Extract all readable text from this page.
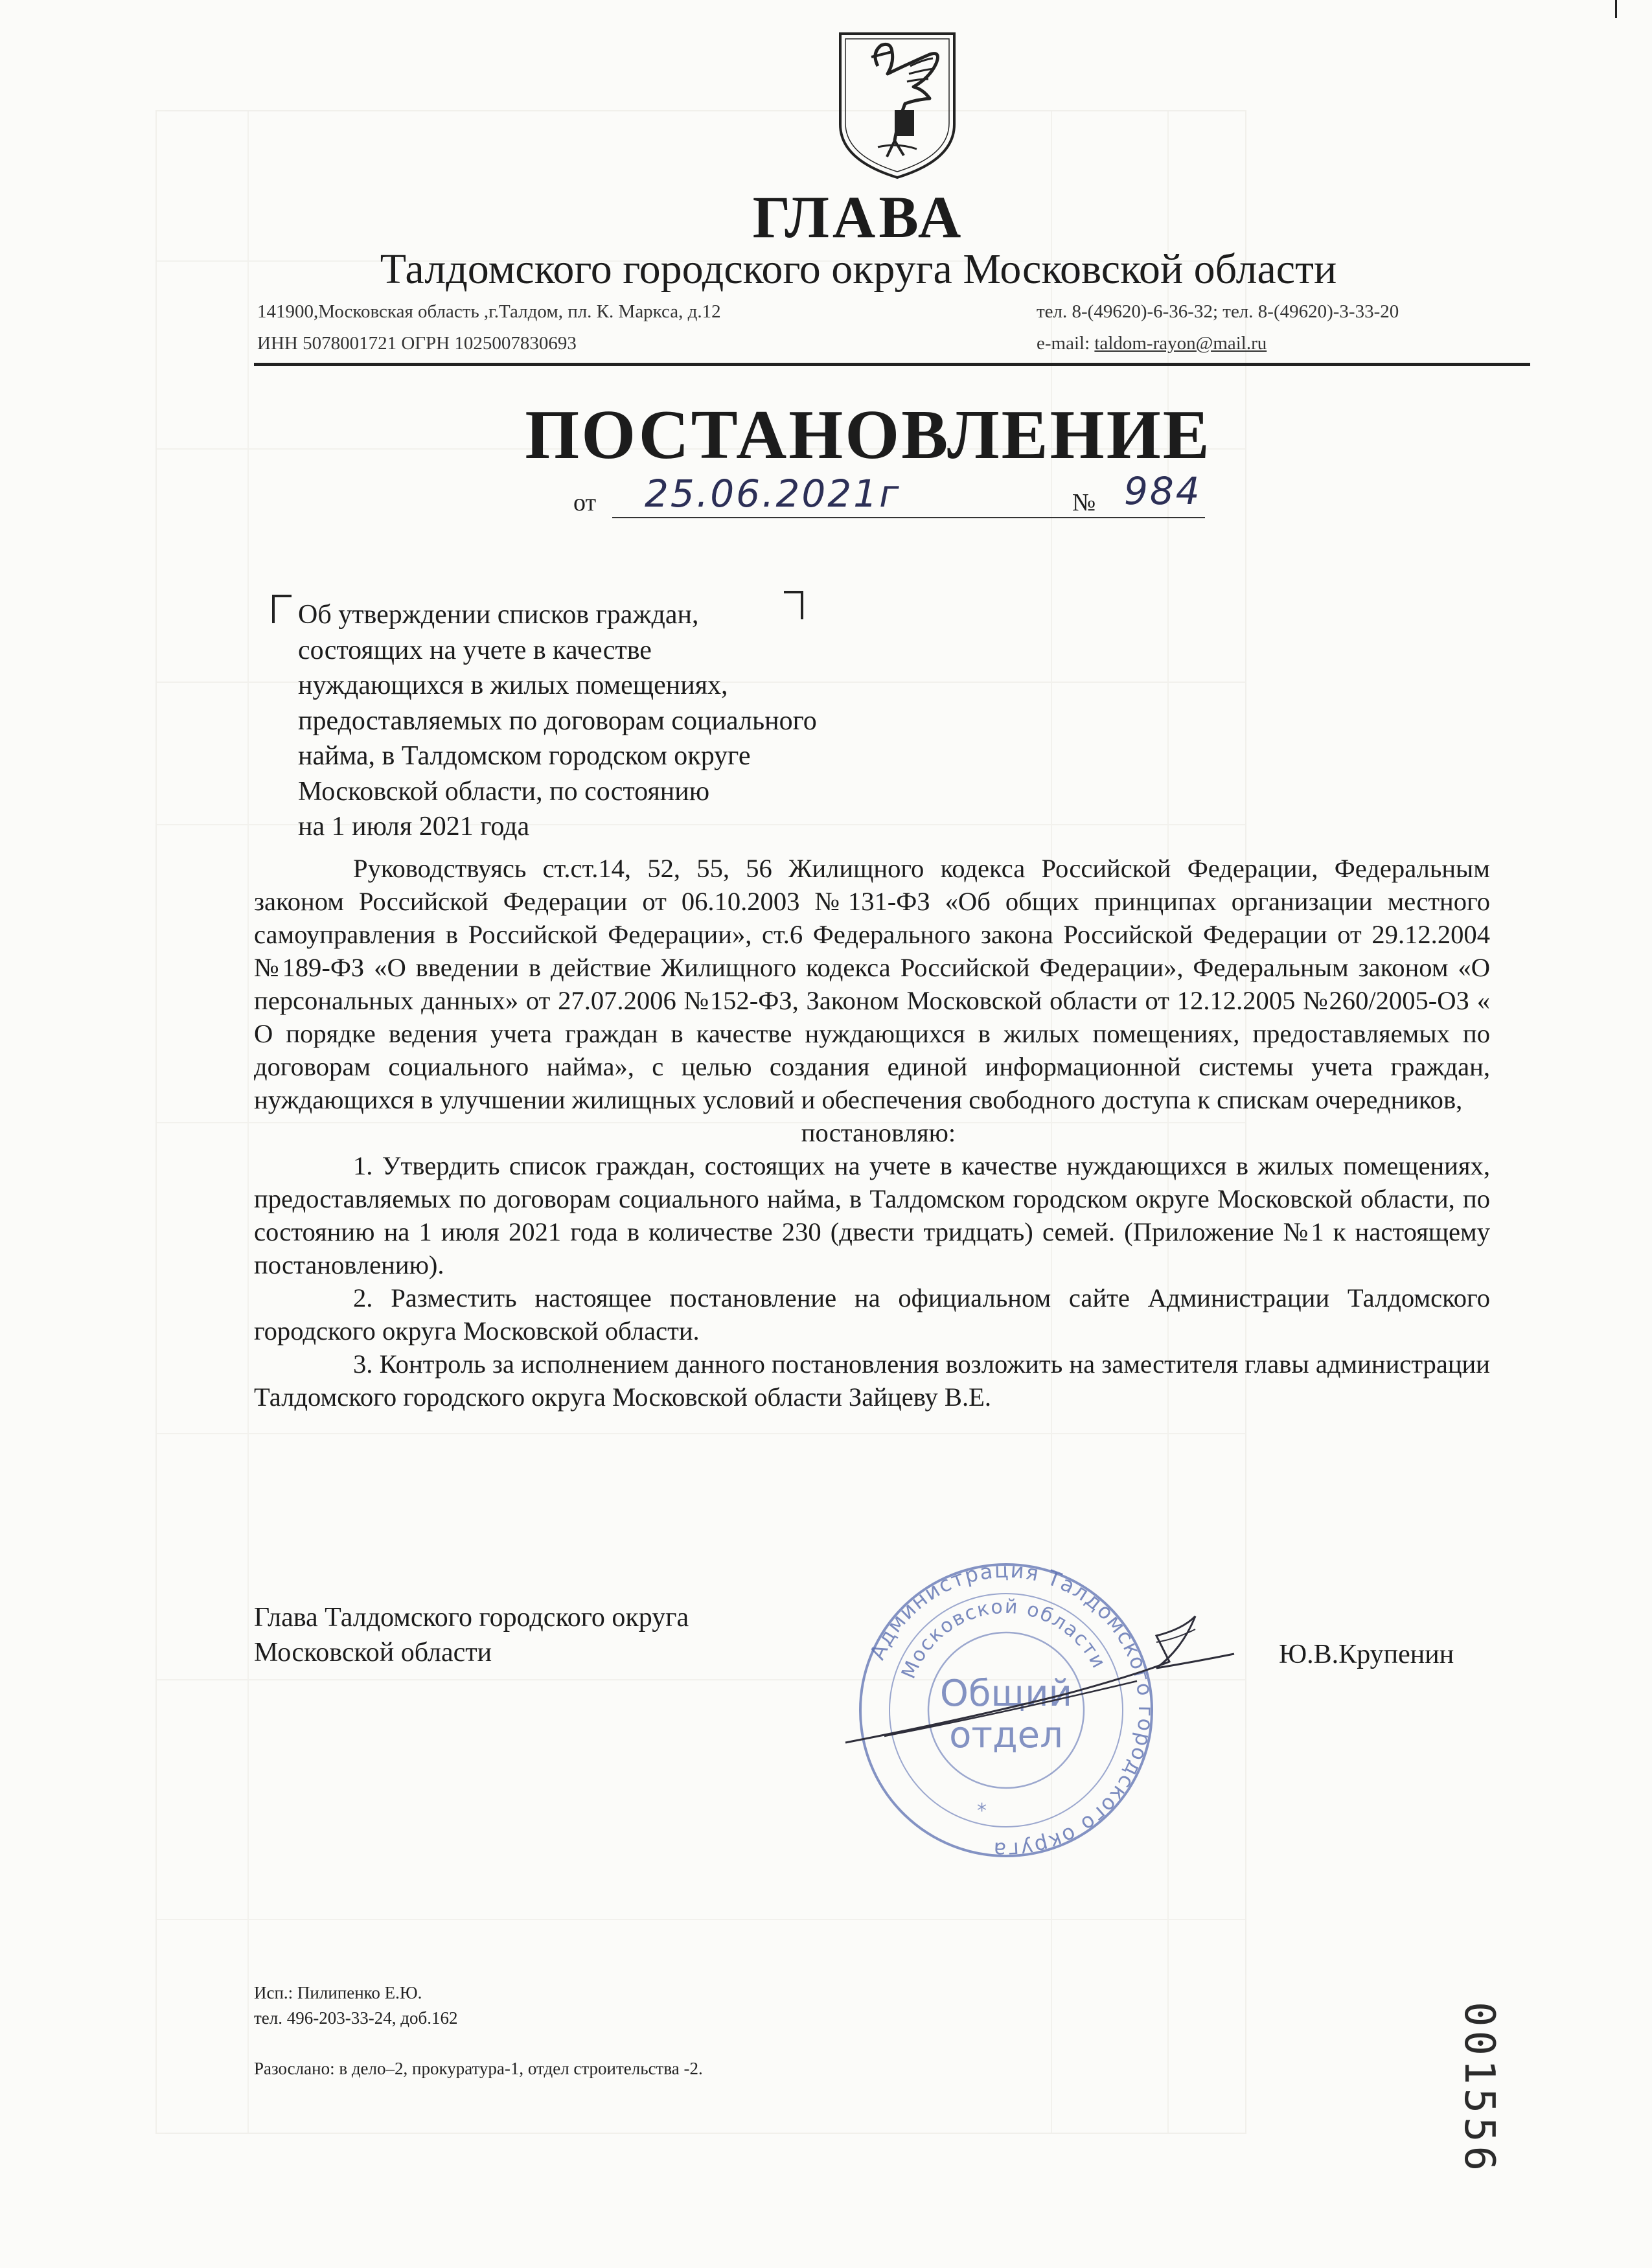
ГЛАВА
Талдомского городского округа Московской области
141900,Московская область ,г.Талдом, пл. К. Маркса, д.12
ИНН 5078001721 ОГРН 1025007830693
тел. 8-(49620)-6-36-32; тел. 8-(49620)-3-33-20
e-mail: taldom-rayon@mail.ru
ПОСТАНОВЛЕНИЕ
от 25.06.2021г	№ 984
Об утверждении списков граждан,
состоящих на учете в качестве
нуждающихся в жилых помещениях,
предоставляемых по договорам социального
найма, в Талдомском городском округе
Московской области, по состоянию
на 1 июля 2021 года

Руководствуясь ст.ст.14, 52, 55, 56 Жилищного кодекса Российской Федерации, Федеральным законом Российской Федерации от 06.10.2003 №131-ФЗ «Об общих принципах организации местного самоуправления в Российской Федерации», ст.6 Федерального закона Российской Федерации от 29.12.2004 №189-ФЗ «О введении в действие Жилищного кодекса Российской Федерации», Федеральным законом «О персональных данных» от 27.07.2006 №152-ФЗ, Законом Московской области от 12.12.2005 №260/2005-ОЗ « О порядке ведения учета граждан в качестве нуждающихся в жилых помещениях, предоставляемых по договорам социального найма», с целью создания единой информационной системы учета граждан, нуждающихся в улучшении жилищных условий и обеспечения свободного доступа к спискам очередников,

постановляю:

1. Утвердить список граждан, состоящих на учете в качестве нуждающихся в жилых помещениях, предоставляемых по договорам социального найма, в Талдомском городском округе Московской области, по состоянию на 1 июля 2021 года в количестве 230 (двести тридцать) семей. (Приложение №1 к настоящему постановлению).

2. Разместить настоящее постановление на официальном сайте Администрации Талдомского городского округа Московской области.

3. Контроль за исполнением данного постановления возложить на заместителя главы администрации Талдомского городского округа Московской области Зайцеву В.Е.

Администрация Талдомского городского округа
Московской области
Общий
отдел
*
Глава Талдомского городского округа
Московской области	Ю.В.Крупенин
Исп.: Пилипенко Е.Ю.
тел. 496-203-33-24, доб.162
Разослано: в дело–2, прокуратура-1, отдел строительства -2.	001556
